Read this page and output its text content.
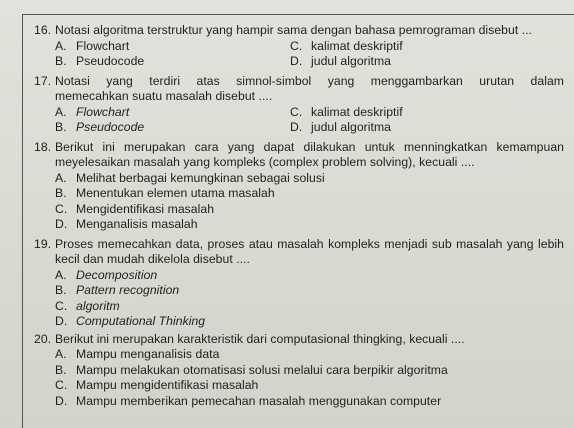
16. Notasi algoritma terstruktur yang hampir sama dengan bahasa pemrograman disebut ...
A. Flowchart	C. kalimat deskriptif
B. Pseudocode	D. judul algoritma
17. Notasi yang terdiri atas simnol-simbol yang menggambarkan urutan dalam
memecahkan suatu masalah disebut ....
A. Flowchart	C. kalimat deskriptif
B. Pseudocode	D. judul algoritma
18. Berikut ini merupakan cara yang dapat dilakukan untuk menningkatkan kemampuan
meyelesaikan masalah yang kompleks (complex problem solving), kecuali ....
A. Melihat berbagai kemungkinan sebagai solusi
B. Menentukan elemen utama masalah
C. Mengidentifikasi masalah
D. Menganalisis masalah
19. Proses memecahkan data, proses atau masalah kompleks menjadi sub masalah yang lebih
kecil dan mudah dikelola disebut ....
A. Decomposition
B. Pattern recognition
C. algoritm
D. Computational Thinking
20. Berikut ini merupakan karakteristik dari computasional thingking, kecuali ....
A. Mampu menganalisis data
B. Mampu melakukan otomatisasi solusi melalui cara berpikir algoritma
C. Mampu mengidentifikasi masalah
D. Mampu memberikan pemecahan masalah menggunakan computer
